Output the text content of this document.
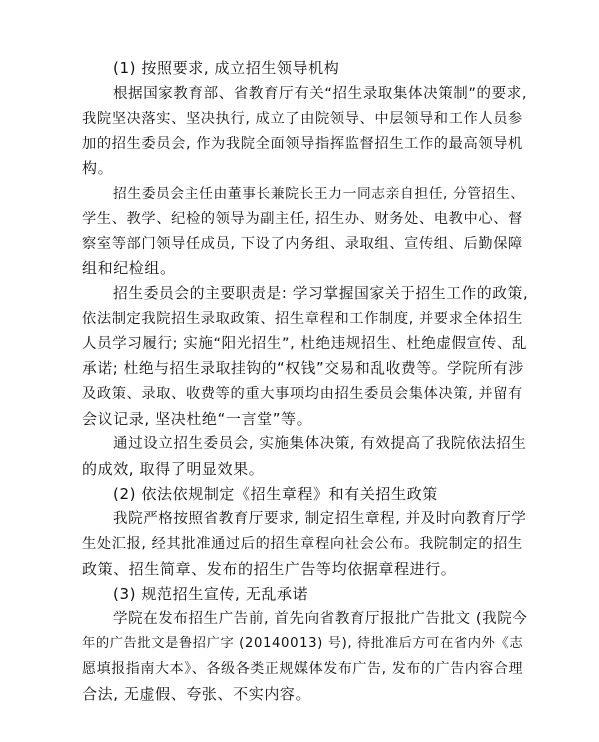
(1) 按照要求, 成立招生领导机构

根据国家教育部、省教育厅有关“招生录取集体决策制”的要求,

我院坚决落实、坚决执行, 成立了由院领导、中层领导和工作人员参

加的招生委员会, 作为我院全面领导指挥监督招生工作的最高领导机

构。

招生委员会主任由董事长兼院长王力一同志亲自担任, 分管招生、

学生、教学、纪检的领导为副主任, 招生办、财务处、电教中心、督

察室等部门领导任成员, 下设了内务组、录取组、宣传组、后勤保障

组和纪检组。

招生委员会的主要职责是: 学习掌握国家关于招生工作的政策,

依法制定我院招生录取政策、招生章程和工作制度, 并要求全体招生

人员学习履行; 实施“阳光招生”, 杜绝违规招生、杜绝虚假宣传、乱

承诺; 杜绝与招生录取挂钩的“权钱”交易和乱收费等。学院所有涉

及政策、录取、收费等的重大事项均由招生委员会集体决策, 并留有

会议记录, 坚决杜绝“一言堂”等。

通过设立招生委员会, 实施集体决策, 有效提高了我院依法招生

的成效, 取得了明显效果。

(2) 依法依规制定《招生章程》和有关招生政策

我院严格按照省教育厅要求, 制定招生章程, 并及时向教育厅学

生处汇报, 经其批准通过后的招生章程向社会公布。我院制定的招生

政策、招生简章、发布的招生广告等均依据章程进行。

(3) 规范招生宣传, 无乱承诺

学院在发布招生广告前, 首先向省教育厅报批广告批文 (我院今

年的广告批文是鲁招广字 (20140013) 号), 待批准后方可在省内外《志

愿填报指南大本》、各级各类正规媒体发布广告, 发布的广告内容合理

合法, 无虚假、夸张、不实内容。
